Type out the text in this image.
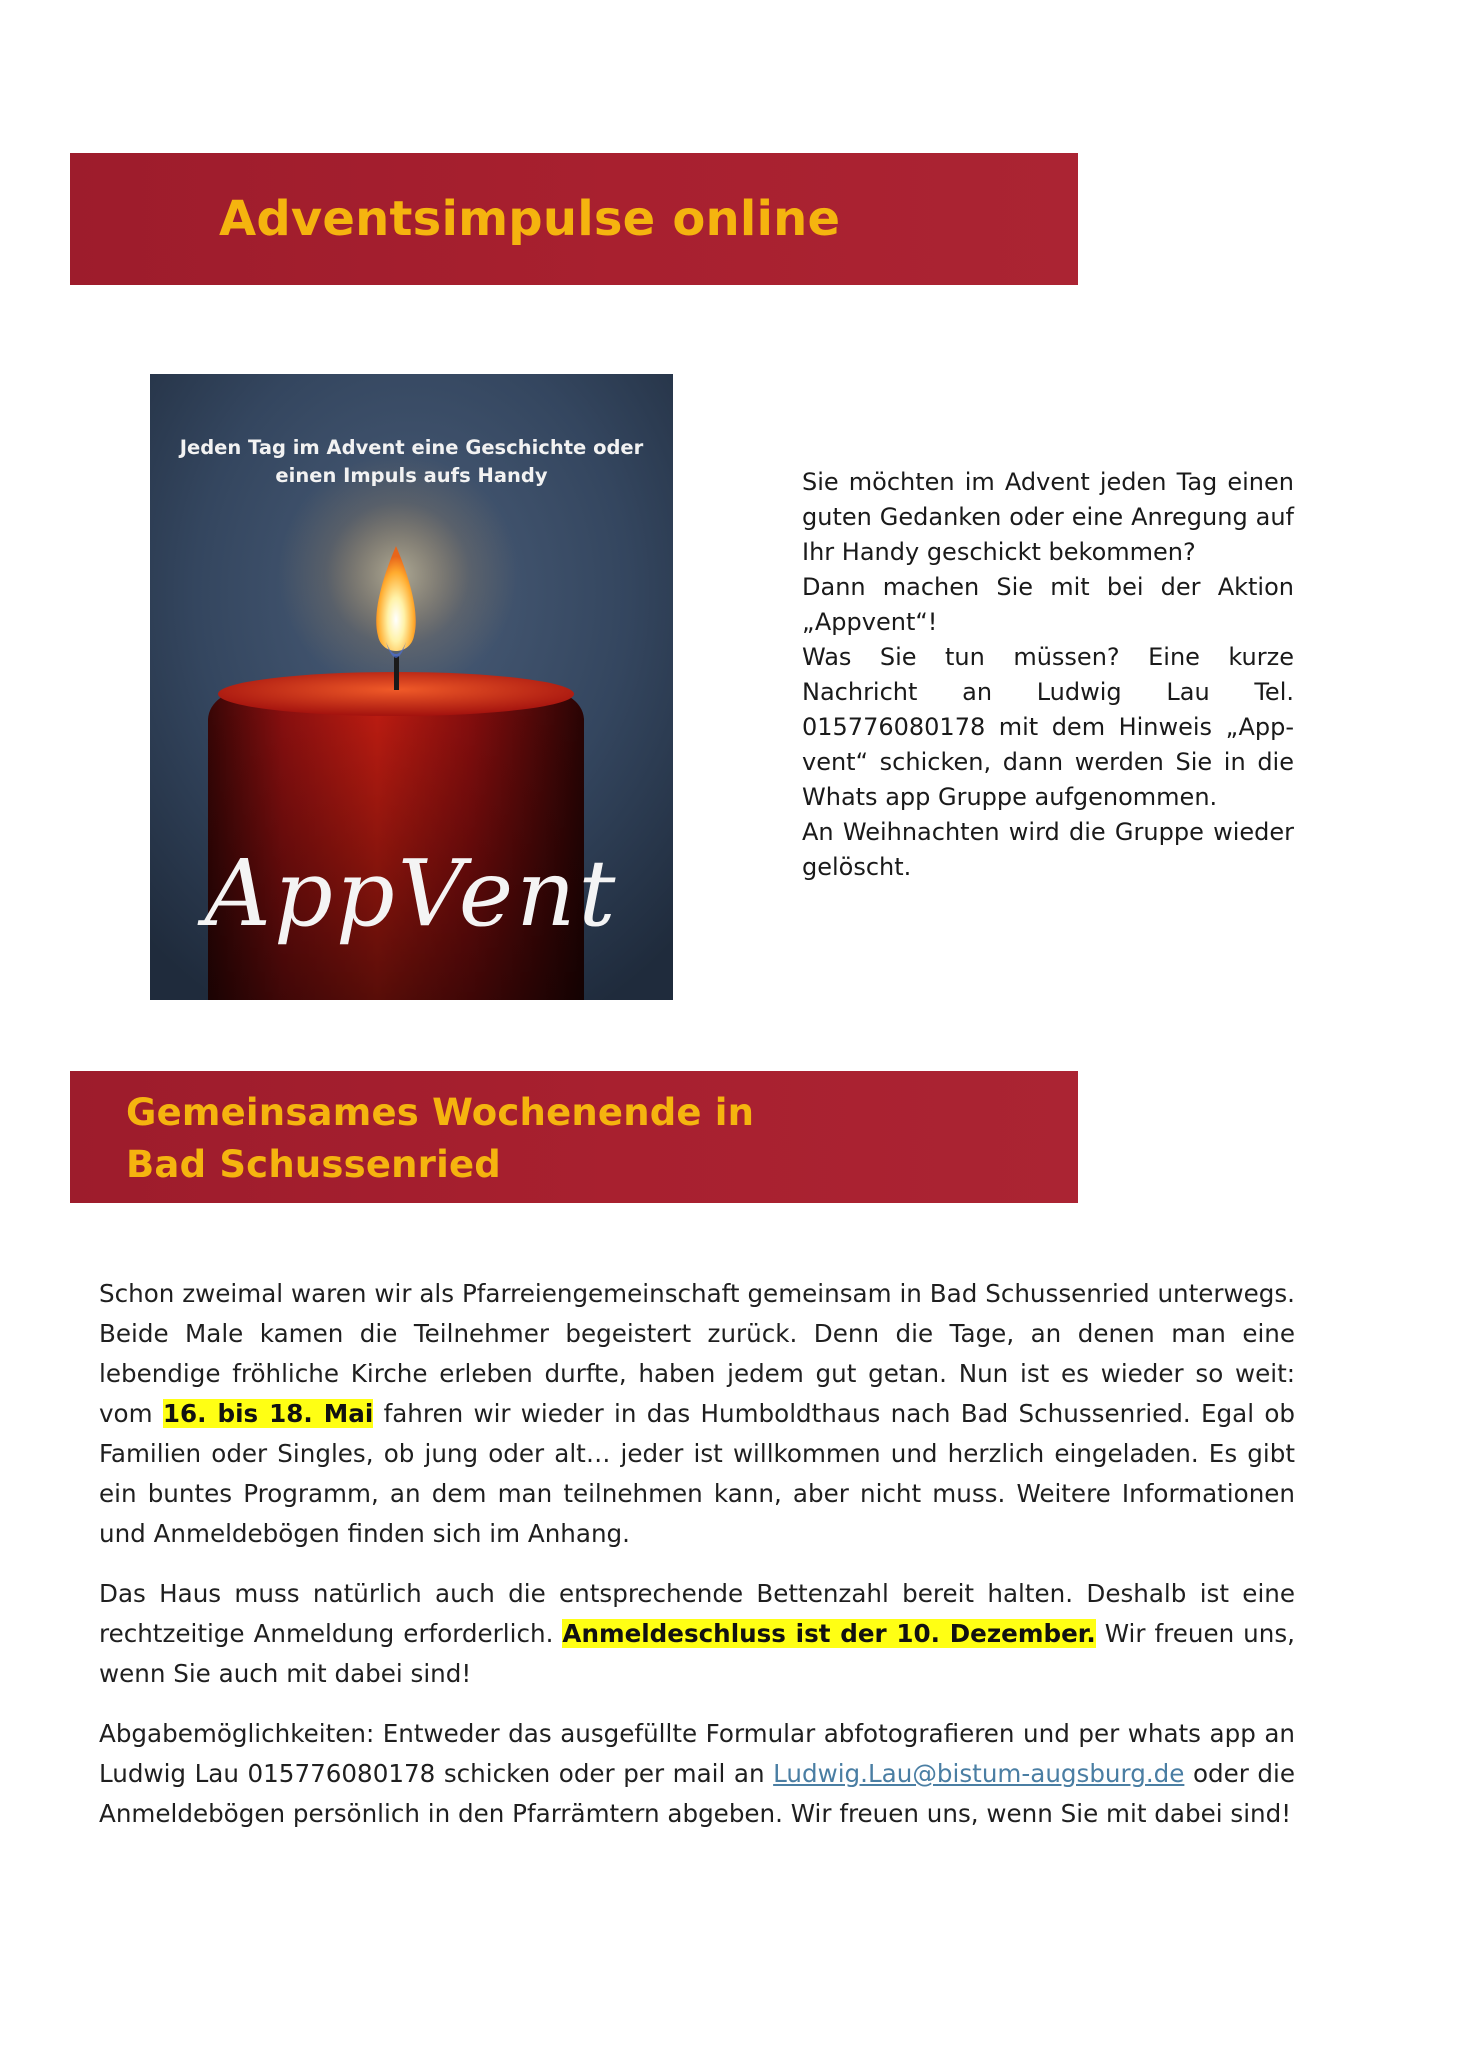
Adventsimpulse online

Jeden Tag im Advent eine Geschichte oder
einen Impuls aufs Handy

AppVent
Sie möchten im Advent jeden Tag einen guten Gedanken oder eine Anregung auf Ihr Handy geschickt bekommen?
Dann machen Sie mit bei der Aktion „Appvent“!
Was Sie tun müssen? Eine kurze Nachricht an Ludwig Lau Tel. 015776080178 mit dem Hinweis „App-vent“ schicken, dann werden Sie in die Whats app Gruppe aufgenommen.
An Weihnachten wird die Gruppe wieder gelöscht.
Gemeinsames Wochenende in Bad Schussenried

Schon zweimal waren wir als Pfarreiengemeinschaft gemeinsam in Bad Schussenried unterwegs. Beide Male kamen die Teilnehmer begeistert zurück. Denn die Tage, an denen man eine lebendige fröhliche Kirche erleben durfte, haben jedem gut getan. Nun ist es wieder so weit: vom 16. bis 18. Mai fahren wir wieder in das Humboldthaus nach Bad Schussenried. Egal ob Familien oder Singles, ob jung oder alt… jeder ist willkommen und herzlich eingeladen. Es gibt ein buntes Programm, an dem man teilnehmen kann, aber nicht muss. Weitere Informationen und Anmeldebögen finden sich im Anhang.

Das Haus muss natürlich auch die entsprechende Bettenzahl bereit halten. Deshalb ist eine rechtzeitige Anmeldung erforderlich. Anmeldeschluss ist der 10. Dezember. Wir freuen uns, wenn Sie auch mit dabei sind!

Abgabemöglichkeiten: Entweder das ausgefüllte Formular abfotografieren und per whats app an Ludwig Lau 015776080178 schicken oder per mail an Ludwig.Lau@bistum-augsburg.de oder die Anmeldebögen persönlich in den Pfarrämtern abgeben. Wir freuen uns, wenn Sie mit dabei sind!
